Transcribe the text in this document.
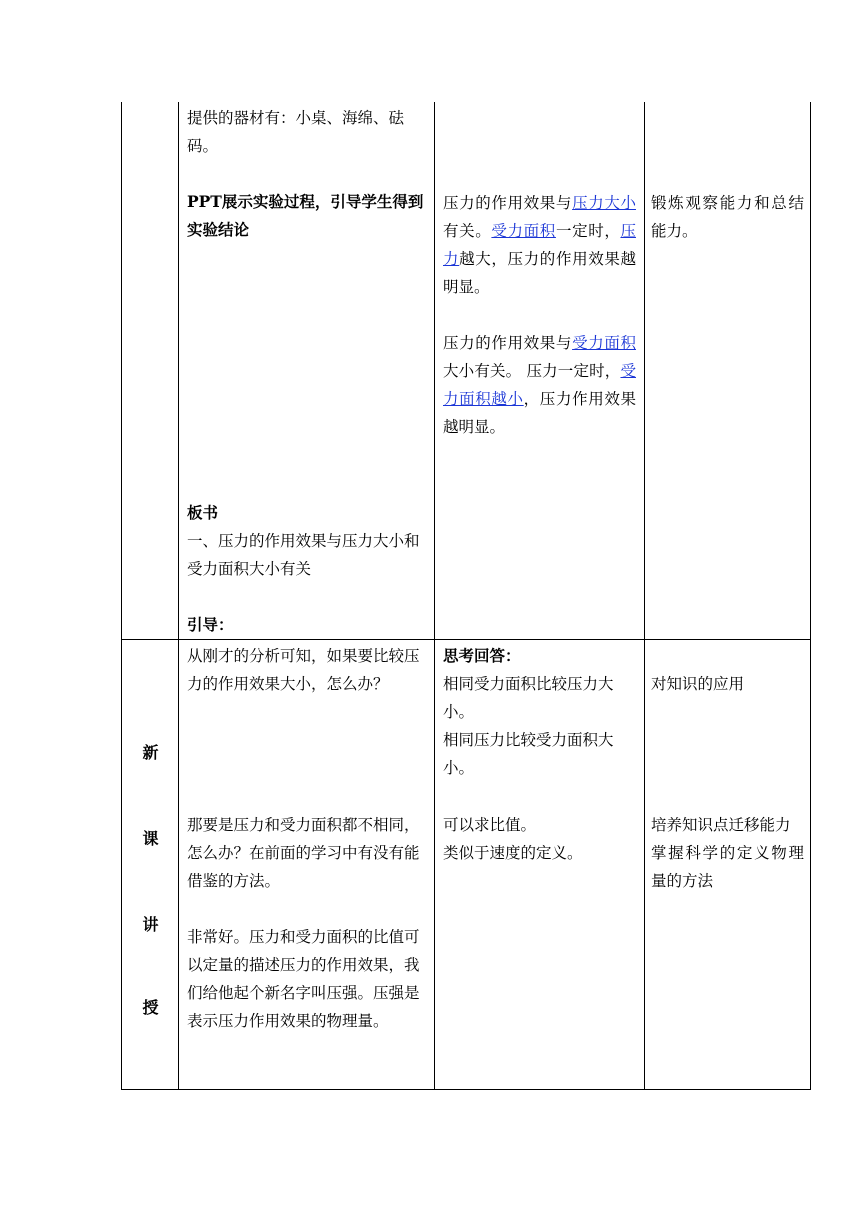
提供的器材有：小桌、海绵、砝码。

PPT展示实验过程，引导学生得到实验结论

板书

一、压力的作用效果与压力大小和受力面积大小有关

引导：

压力的作用效果与压力大小有关。受力面积一定时，压力越大，压力的作用效果越明显。

压力的作用效果与受力面积大小有关。 压力一定时，受力面积越小，压力作用效果越明显。

锻炼观察能力和总结能力。

新
课
讲
授

从刚才的分析可知，如果要比较压力的作用效果大小，怎么办？

那要是压力和受力面积都不相同，怎么办？在前面的学习中有没有能借鉴的方法。

非常好。压力和受力面积的比值可以定量的描述压力的作用效果，我们给他起个新名字叫压强。压强是表示压力作用效果的物理量。

思考回答：

相同受力面积比较压力大小。

相同压力比较受力面积大小。

可以求比值。

类似于速度的定义。

对知识的应用

培养知识点迁移能力

掌握科学的定义物理量的方法
